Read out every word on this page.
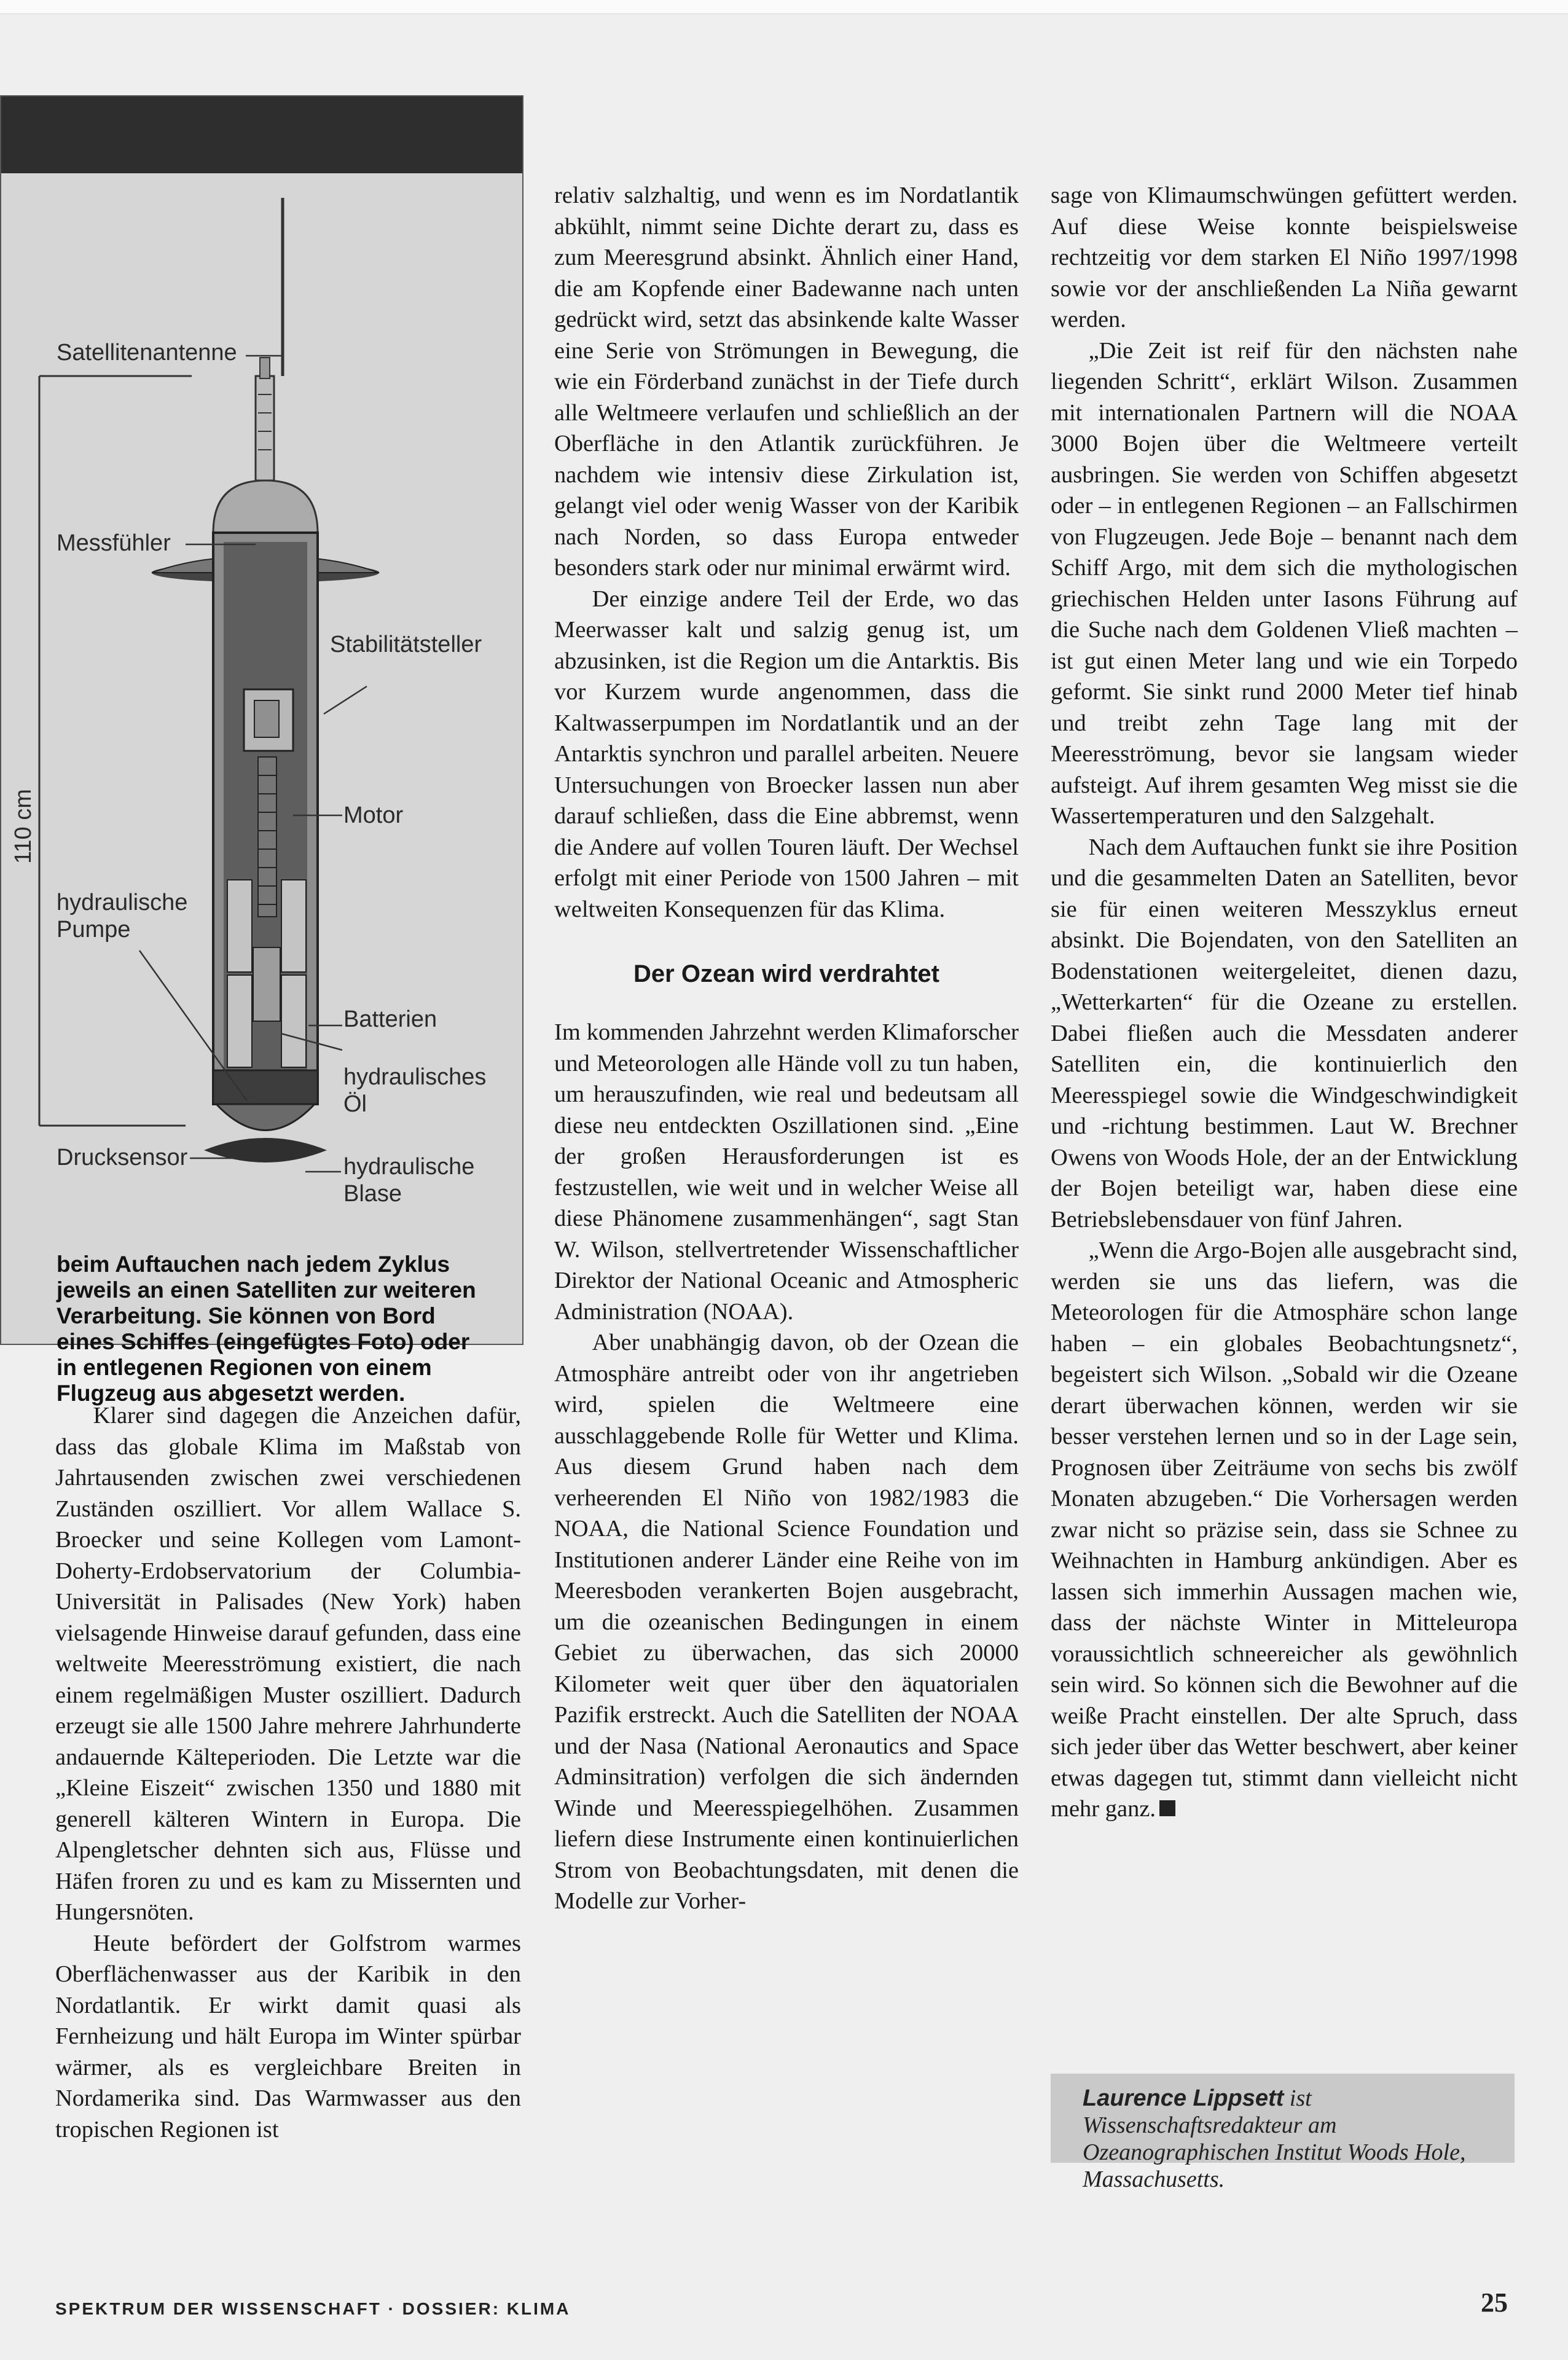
Satellitenantenne
Messfühler
Stabilitätsteller
110 cm	Motor
hydraulische Pumpe
Batterien
hydraulisches Öl
Drucksensor	hydraulische Blase
beim Auftauchen nach jedem Zyklus jeweils an einen Satelliten zur weiteren Verarbeitung. Sie können von Bord eines Schiffes (eingefügtes Foto) oder in entlegenen Regionen von einem Flugzeug aus abgesetzt werden.

Klarer sind dagegen die Anzeichen dafür, dass das globale Klima im Maßstab von Jahrtausenden zwischen zwei verschiedenen Zuständen oszilliert. Vor allem Wallace S. Broecker und seine Kollegen vom Lamont-Doherty-Erdobservatorium der Columbia-Universität in Palisades (New York) haben vielsagende Hinweise darauf gefunden, dass eine weltweite Meeresströmung existiert, die nach einem regelmäßigen Muster oszilliert. Dadurch erzeugt sie alle 1500 Jahre mehrere Jahrhunderte andauernde Kälteperioden. Die Letzte war die „Kleine Eiszeit“ zwischen 1350 und 1880 mit generell kälteren Wintern in Europa. Die Alpengletscher dehnten sich aus, Flüsse und Häfen froren zu und es kam zu Missernten und Hungersnöten.

Heute befördert der Golfstrom warmes Oberflächenwasser aus der Karibik in den Nordatlantik. Er wirkt damit quasi als Fernheizung und hält Europa im Winter spürbar wärmer, als es vergleichbare Breiten in Nordamerika sind. Das Warmwasser aus den tropischen Regionen ist

relativ salzhaltig, und wenn es im Nordatlantik abkühlt, nimmt seine Dichte derart zu, dass es zum Meeresgrund absinkt. Ähnlich einer Hand, die am Kopfende einer Badewanne nach unten gedrückt wird, setzt das absinkende kalte Wasser eine Serie von Strömungen in Bewegung, die wie ein Förderband zunächst in der Tiefe durch alle Weltmeere verlaufen und schließlich an der Oberfläche in den Atlantik zurückführen. Je nachdem wie intensiv diese Zirkulation ist, gelangt viel oder wenig Wasser von der Karibik nach Norden, so dass Europa entweder besonders stark oder nur minimal erwärmt wird.

Der einzige andere Teil der Erde, wo das Meerwasser kalt und salzig genug ist, um abzusinken, ist die Region um die Antarktis. Bis vor Kurzem wurde angenommen, dass die Kaltwasserpumpen im Nordatlantik und an der Antarktis synchron und parallel arbeiten. Neuere Untersuchungen von Broecker lassen nun aber darauf schließen, dass die Eine abbremst, wenn die Andere auf vollen Touren läuft. Der Wechsel erfolgt mit einer Periode von 1500 Jahren – mit weltweiten Konsequenzen für das Klima.

Der Ozean wird verdrahtet

Im kommenden Jahrzehnt werden Klimaforscher und Meteorologen alle Hände voll zu tun haben, um herauszufinden, wie real und bedeutsam all diese neu entdeckten Oszillationen sind. „Eine der großen Herausforderungen ist es festzustellen, wie weit und in welcher Weise all diese Phänomene zusammenhängen“, sagt Stan W. Wilson, stellvertretender Wissenschaftlicher Direktor der National Oceanic and Atmospheric Administration (NOAA).

Aber unabhängig davon, ob der Ozean die Atmosphäre antreibt oder von ihr angetrieben wird, spielen die Weltmeere eine ausschlaggebende Rolle für Wetter und Klima. Aus diesem Grund haben nach dem verheerenden El Niño von 1982/1983 die NOAA, die National Science Foundation und Institutionen anderer Länder eine Reihe von im Meeresboden verankerten Bojen ausgebracht, um die ozeanischen Bedingungen in einem Gebiet zu überwachen, das sich 20000 Kilometer weit quer über den äquatorialen Pazifik erstreckt. Auch die Satelliten der NOAA und der Nasa (National Aeronautics and Space Adminsitration) verfolgen die sich ändernden Winde und Meeresspiegelhöhen. Zusammen liefern diese Instrumente einen kontinuierlichen Strom von Beobachtungsdaten, mit denen die Modelle zur Vorher-

sage von Klimaumschwüngen gefüttert werden. Auf diese Weise konnte beispielsweise rechtzeitig vor dem starken El Niño 1997/1998 sowie vor der anschließenden La Niña gewarnt werden.

„Die Zeit ist reif für den nächsten nahe liegenden Schritt“, erklärt Wilson. Zusammen mit internationalen Partnern will die NOAA 3000 Bojen über die Weltmeere verteilt ausbringen. Sie werden von Schiffen abgesetzt oder – in entlegenen Regionen – an Fallschirmen von Flugzeugen. Jede Boje – benannt nach dem Schiff Argo, mit dem sich die mythologischen griechischen Helden unter Iasons Führung auf die Suche nach dem Goldenen Vließ machten – ist gut einen Meter lang und wie ein Torpedo geformt. Sie sinkt rund 2000 Meter tief hinab und treibt zehn Tage lang mit der Meeresströmung, bevor sie langsam wieder aufsteigt. Auf ihrem gesamten Weg misst sie die Wassertemperaturen und den Salzgehalt.

Nach dem Auftauchen funkt sie ihre Position und die gesammelten Daten an Satelliten, bevor sie für einen weiteren Messzyklus erneut absinkt. Die Bojendaten, von den Satelliten an Bodenstationen weitergeleitet, dienen dazu, „Wetterkarten“ für die Ozeane zu erstellen. Dabei fließen auch die Messdaten anderer Satelliten ein, die kontinuierlich den Meeresspiegel sowie die Windgeschwindigkeit und -richtung bestimmen. Laut W. Brechner Owens von Woods Hole, der an der Entwicklung der Bojen beteiligt war, haben diese eine Betriebslebensdauer von fünf Jahren.

„Wenn die Argo-Bojen alle ausgebracht sind, werden sie uns das liefern, was die Meteorologen für die Atmosphäre schon lange haben – ein globales Beobachtungsnetz“, begeistert sich Wilson. „Sobald wir die Ozeane derart überwachen können, werden wir sie besser verstehen lernen und so in der Lage sein, Prognosen über Zeiträume von sechs bis zwölf Monaten abzugeben.“ Die Vorhersagen werden zwar nicht so präzise sein, dass sie Schnee zu Weihnachten in Hamburg ankündigen. Aber es lassen sich immerhin Aussagen machen wie, dass der nächste Winter in Mitteleuropa voraussichtlich schneereicher als gewöhnlich sein wird. So können sich die Bewohner auf die weiße Pracht einstellen. Der alte Spruch, dass sich jeder über das Wetter beschwert, aber keiner etwas dagegen tut, stimmt dann vielleicht nicht mehr ganz.

Laurence Lippsett ist Wissenschaftsredakteur am Ozeanographischen Institut Woods Hole, Massachusetts.
SPEKTRUM DER WISSENSCHAFT · DOSSIER: KLIMA	25
